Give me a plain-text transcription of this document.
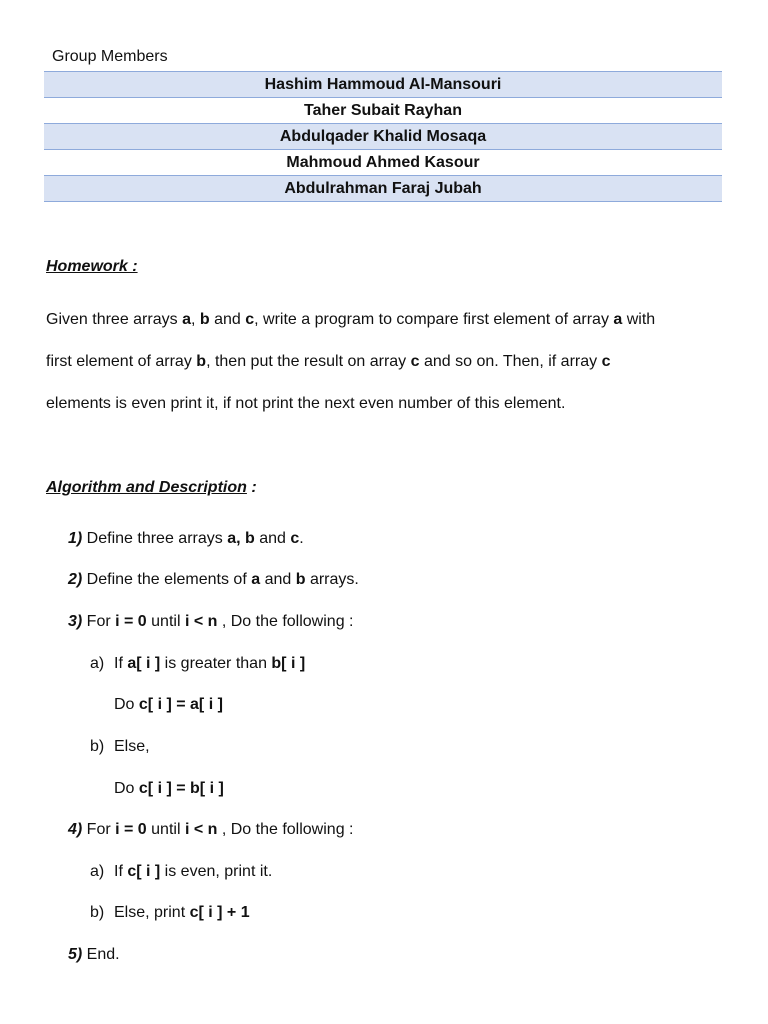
Group Members
Hashim Hammoud Al-Mansouri
Taher Subait Rayhan
Abdulqader Khalid Mosaqa
Mahmoud Ahmed Kasour
Abdulrahman Faraj Jubah
Homework :
Given three arrays a, b and c, write a program to compare first element of array a with
first element of array b, then put the result on array c and so on. Then, if array c
elements is even print it, if not print the next even number of this element.
Algorithm and Description :
1) Define three arrays a, b and c.
2) Define the elements of a and b arrays.
3) For i = 0 until i < n , Do the following :
a) If a[ i ] is greater than b[ i ]
Do c[ i ] = a[ i ]
b) Else,
Do c[ i ] = b[ i ]
4) For i = 0 until i < n , Do the following :
a) If c[ i ] is even, print it.
b) Else, print c[ i ] + 1
5) End.
